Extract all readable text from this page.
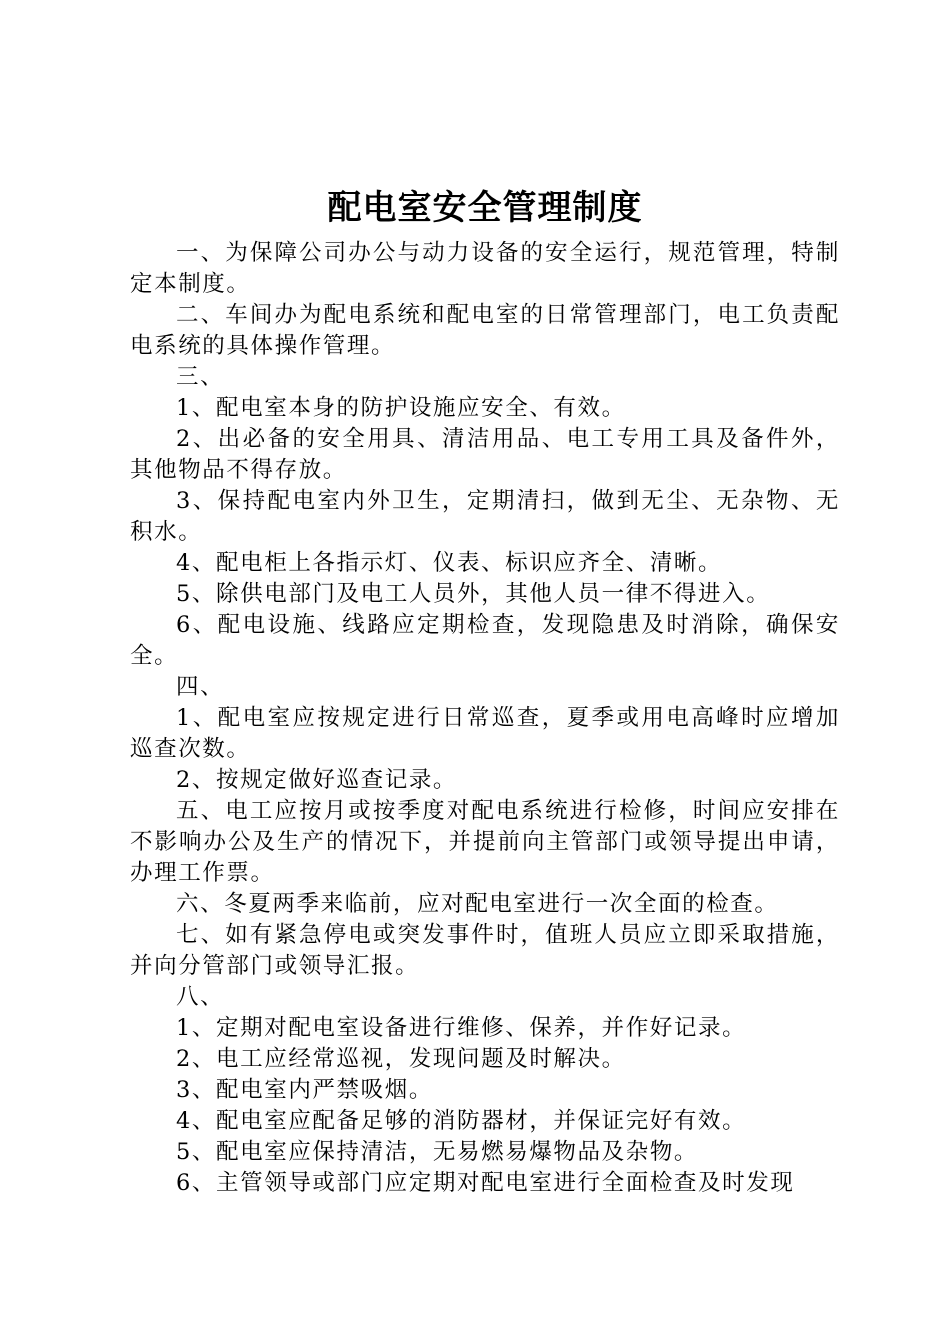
配电室安全管理制度

一、为保障公司办公与动力设备的安全运行，规范管理，特制定本制度。

二、车间办为配电系统和配电室的日常管理部门，电工负责配电系统的具体操作管理。

三、

1、配电室本身的防护设施应安全、有效。

2、出必备的安全用具、清洁用品、电工专用工具及备件外，其他物品不得存放。

3、保持配电室内外卫生，定期清扫，做到无尘、无杂物、无积水。

4、配电柜上各指示灯、仪表、标识应齐全、清晰。

5、除供电部门及电工人员外，其他人员一律不得进入。

6、配电设施、线路应定期检查，发现隐患及时消除，确保安全。

四、

1、配电室应按规定进行日常巡查，夏季或用电高峰时应增加巡查次数。

2、按规定做好巡查记录。

五、电工应按月或按季度对配电系统进行检修，时间应安排在不影响办公及生产的情况下，并提前向主管部门或领导提出申请，办理工作票。

六、冬夏两季来临前，应对配电室进行一次全面的检查。

七、如有紧急停电或突发事件时，值班人员应立即采取措施，并向分管部门或领导汇报。

八、

1、定期对配电室设备进行维修、保养，并作好记录。

2、电工应经常巡视，发现问题及时解决。

3、配电室内严禁吸烟。

4、配电室应配备足够的消防器材，并保证完好有效。

5、配电室应保持清洁，无易燃易爆物品及杂物。

6、主管领导或部门应定期对配电室进行全面检查及时发现
